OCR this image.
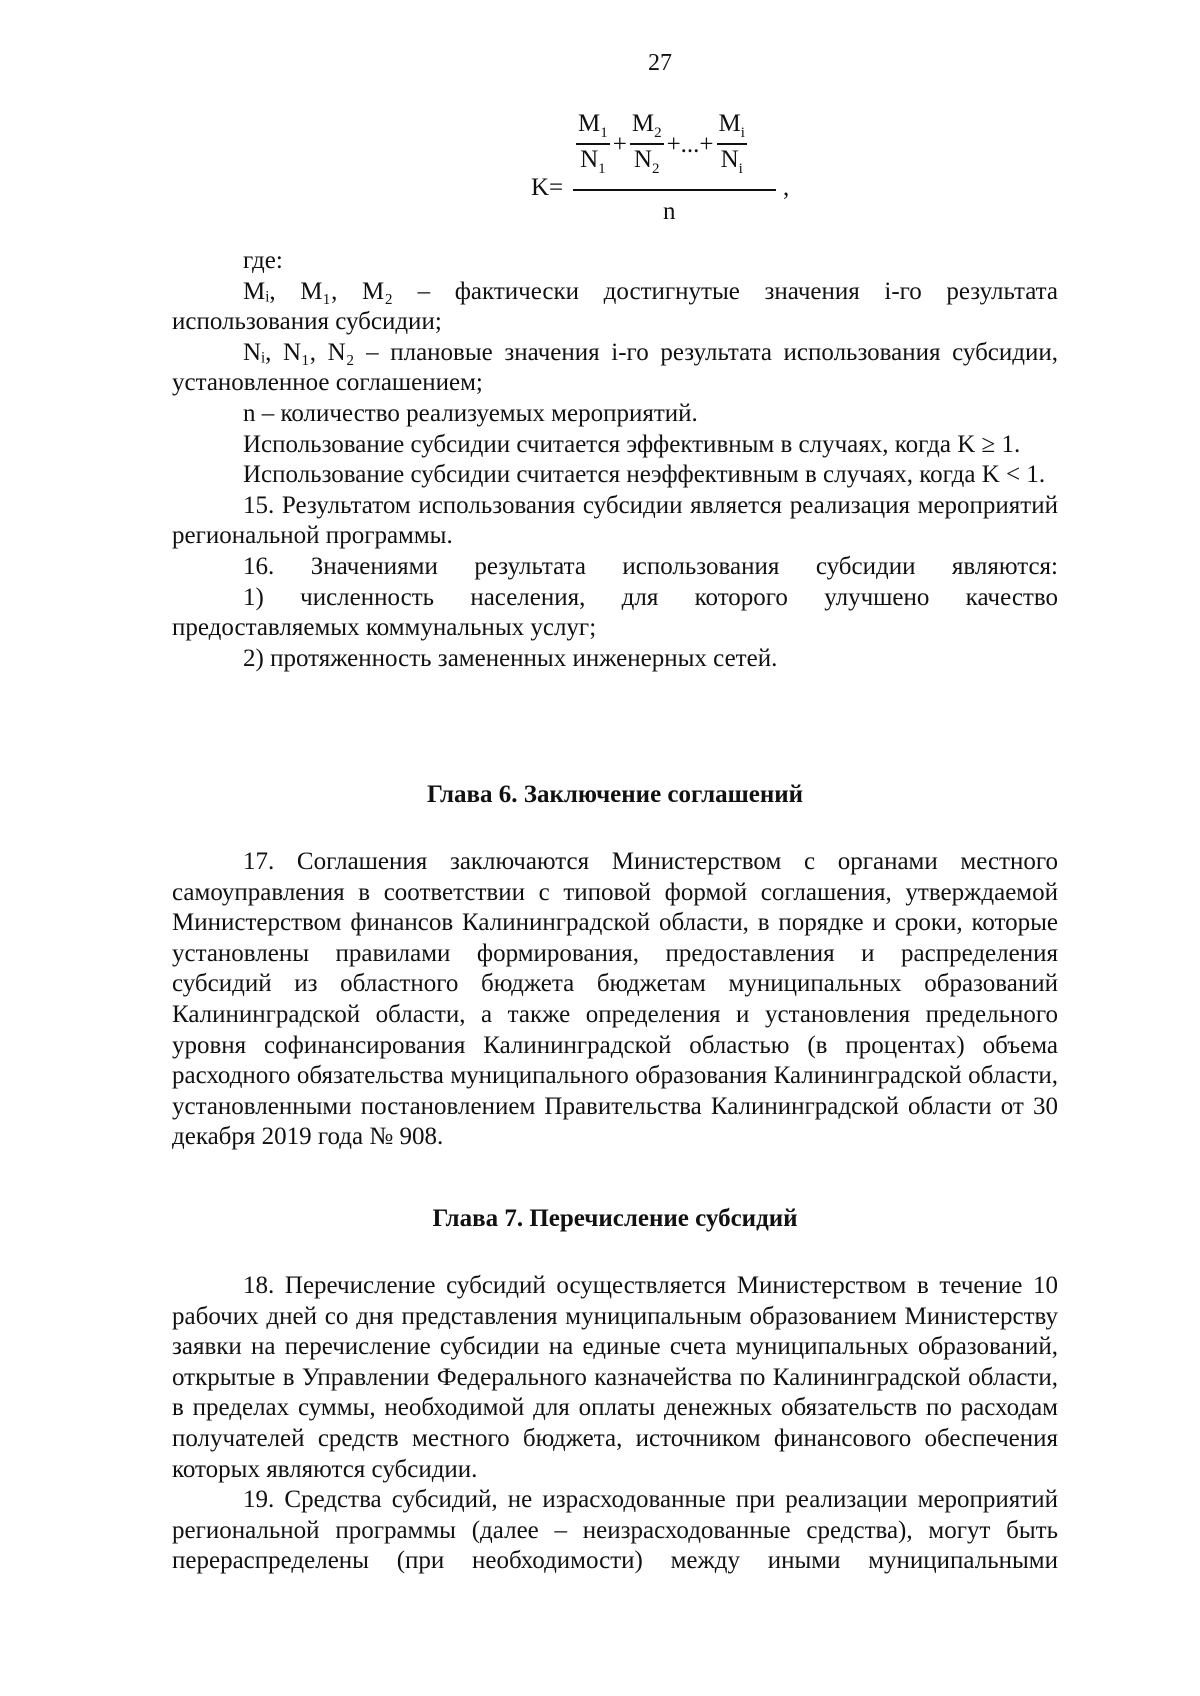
27
K=
$\frac{M_1}{N_1} + \frac{M_2}{N_2}$ +...+ $\frac{M_i}{N_i}$
n
,

где:

Mᵢ, M₁, M₂ – фактически достигнутые значения i-го результата использования субсидии;

Nᵢ, N₁, N₂ – плановые значения i-го результата использования субсидии, установленное соглашением;

n – количество реализуемых мероприятий.

Использование субсидии считается эффективным в случаях, когда K ≥ 1.

Использование субсидии считается неэффективным в случаях, когда K < 1.

15. Результатом использования субсидии является реализация мероприятий региональной программы.

16. Значениями результата использования субсидии являются:

1) численность населения, для которого улучшено качество предоставляемых коммунальных услуг;

2) протяженность замененных инженерных сетей.

Глава 6. Заключение соглашений

17. Соглашения заключаются Министерством с органами местного самоуправления в соответствии с типовой формой соглашения, утверждаемой Министерством финансов Калининградской области, в порядке и сроки, которые установлены правилами формирования, предоставления и распределения субсидий из областного бюджета бюджетам муниципальных образований Калининградской области, а также определения и установления предельного уровня софинансирования Калининградской областью (в процентах) объема расходного обязательства муниципального образования Калининградской области, установленными постановлением Правительства Калининградской области от 30 декабря 2019 года № 908.

Глава 7. Перечисление субсидий

18. Перечисление субсидий осуществляется Министерством в течение 10 рабочих дней со дня представления муниципальным образованием Министерству заявки на перечисление субсидии на единые счета муниципальных образований, открытые в Управлении Федерального казначейства по Калининградской области, в пределах суммы, необходимой для оплаты денежных обязательств по расходам получателей средств местного бюджета, источником финансового обеспечения которых являются субсидии.

19. Средства субсидий, не израсходованные при реализации мероприятий региональной программы (далее – неизрасходованные средства), могут быть перераспределены (при необходимости) между иными муниципальными
